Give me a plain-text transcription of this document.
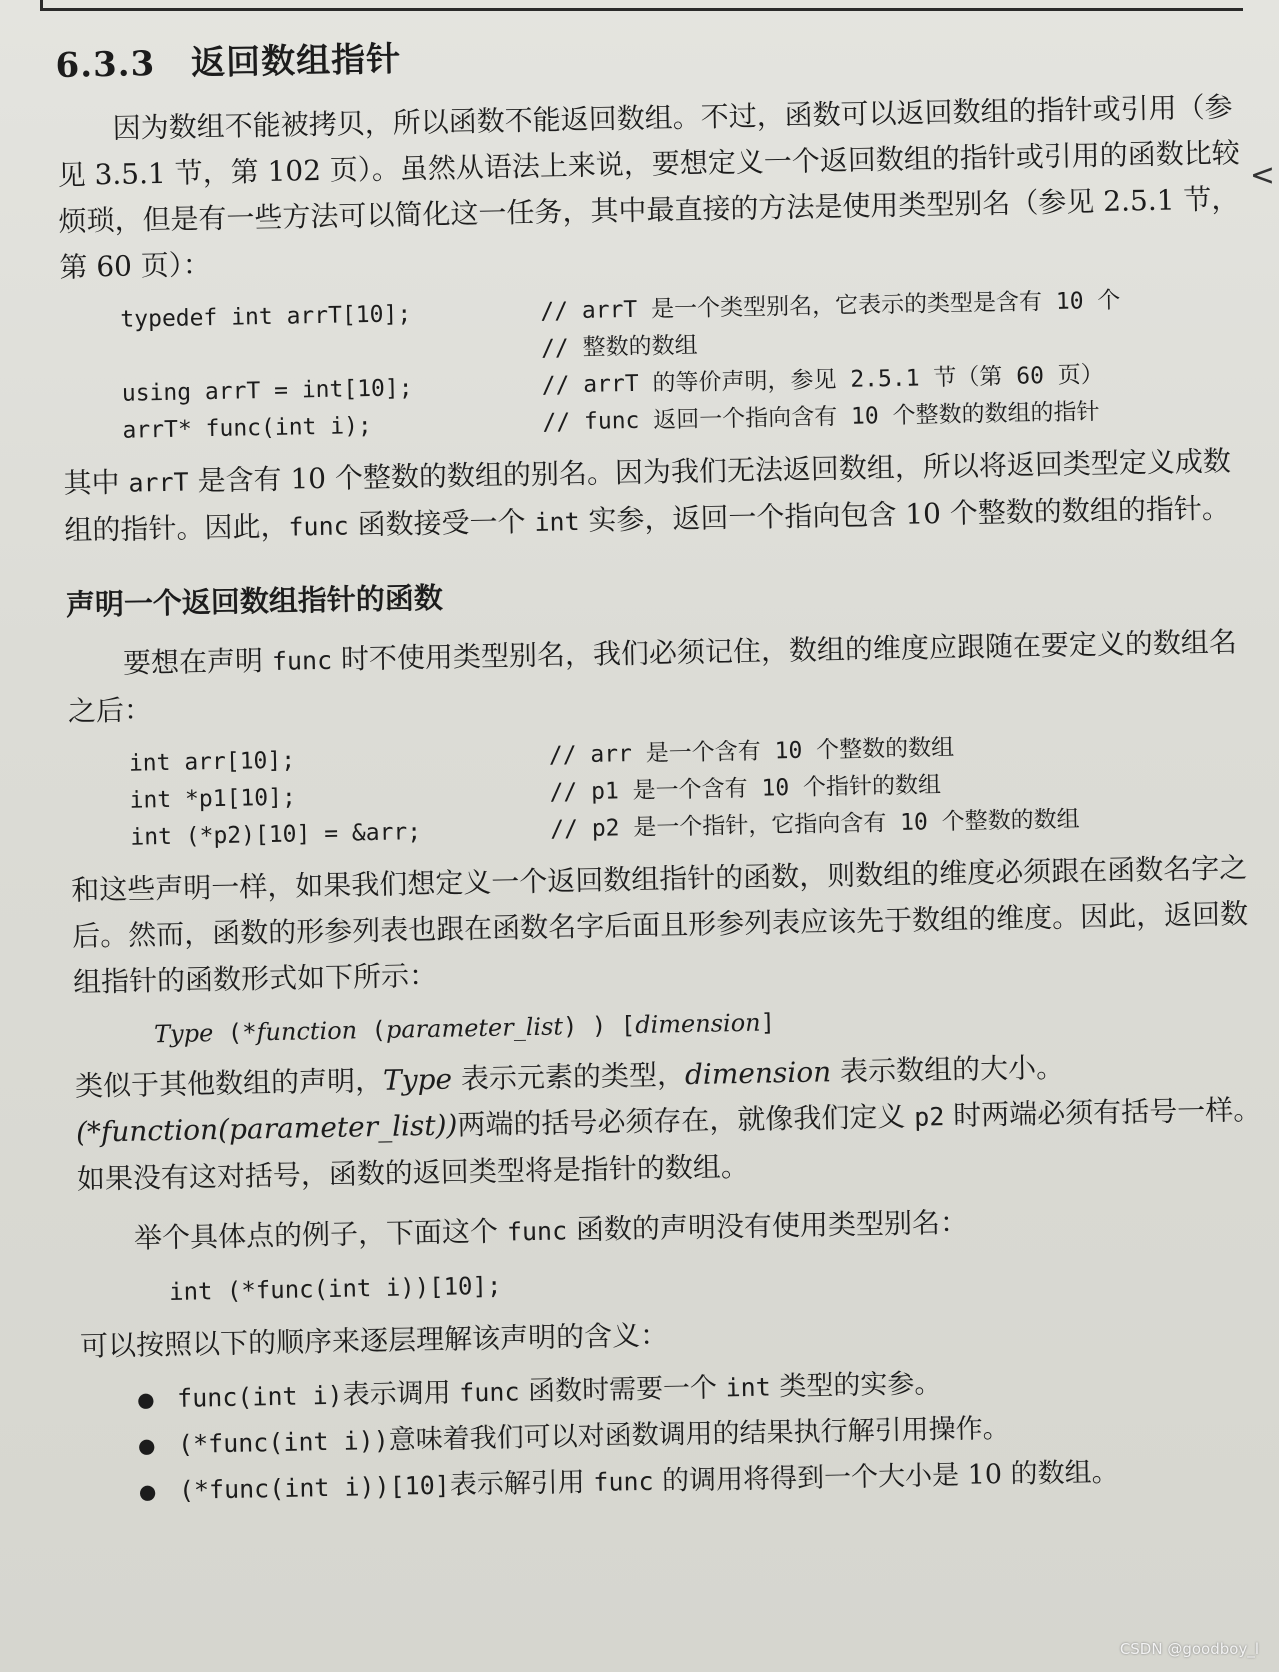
<
6.3.3 返回数组指针

因为数组不能被拷贝，所以函数不能返回数组。不过，函数可以返回数组的指针或引用（参见 3.5.1 节，第 102 页）。虽然从语法上来说，要想定义一个返回数组的指针或引用的函数比较烦琐，但是有一些方法可以简化这一任务，其中最直接的方法是使用类型别名（参见 2.5.1 节，第 60 页）：

typedef int arrT[10];	// arrT 是一个类型别名，它表示的类型是含有 10 个
// 整数的数组
using arrT = int[10];	// arrT 的等价声明，参见 2.5.1 节（第 60 页）
arrT* func(int i);	// func 返回一个指向含有 10 个整数的数组的指针

其中 arrT 是含有 10 个整数的数组的别名。因为我们无法返回数组，所以将返回类型定义成数组的指针。因此，func 函数接受一个 int 实参，返回一个指向包含 10 个整数的数组的指针。

声明一个返回数组指针的函数

要想在声明 func 时不使用类型别名，我们必须记住，数组的维度应跟随在要定义的数组名之后：

int arr[10];	// arr 是一个含有 10 个整数的数组
int *p1[10];	// p1 是一个含有 10 个指针的数组
int (*p2)[10] = &arr;	// p2 是一个指针，它指向含有 10 个整数的数组

和这些声明一样，如果我们想定义一个返回数组指针的函数，则数组的维度必须跟在函数名字之后。然而，函数的形参列表也跟在函数名字后面且形参列表应该先于数组的维度。因此，返回数组指针的函数形式如下所示：

Type (*function (parameter_list) ) [dimension]

类似于其他数组的声明，Type 表示元素的类型，dimension 表示数组的大小。(*function(parameter_list))两端的括号必须存在，就像我们定义 p2 时两端必须有括号一样。如果没有这对括号，函数的返回类型将是指针的数组。

举个具体点的例子，下面这个 func 函数的声明没有使用类型别名：

int (*func(int i))[10];

可以按照以下的顺序来逐层理解该声明的含义：

● func(int i)表示调用 func 函数时需要一个 int 类型的实参。
● (*func(int i))意味着我们可以对函数调用的结果执行解引用操作。
● (*func(int i))[10]表示解引用 func 的调用将得到一个大小是 10 的数组。
CSDN @goodboy_l
